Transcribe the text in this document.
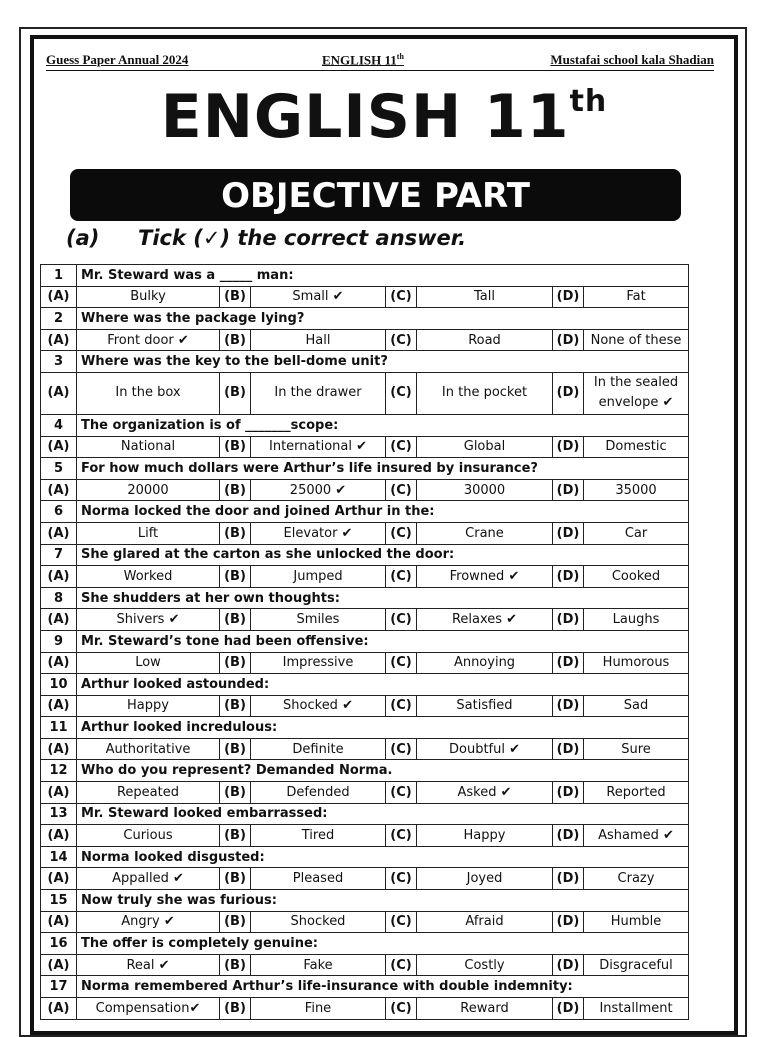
Guess Paper Annual 2024	ENGLISH 11th	Mustafai school kala Shadian
ENGLISH 11th
OBJECTIVE PART
(a) Tick (✓) the correct answer.
1	Mr. Steward was a _____ man:						
(A)	Bulky	(B)	Small ✔	(C)	Tall	(D)	Fat
2	Where was the package lying?						
(A)	Front door ✔	(B)	Hall	(C)	Road	(D)	None of these
3	Where was the key to the bell-dome unit?						
(A)	In the box	(B)	In the drawer	(C)	In the pocket	(D)	In the sealed envelope ✔
4	The organization is of _______scope:						
(A)	National	(B)	International ✔	(C)	Global	(D)	Domestic
5	For how much dollars were Arthur’s life insured by insurance?						
(A)	20000	(B)	25000 ✔	(C)	30000	(D)	35000
6	Norma locked the door and joined Arthur in the:						
(A)	Lift	(B)	Elevator ✔	(C)	Crane	(D)	Car
7	She glared at the carton as she unlocked the door:						
(A)	Worked	(B)	Jumped	(C)	Frowned ✔	(D)	Cooked
8	She shudders at her own thoughts:						
(A)	Shivers ✔	(B)	Smiles	(C)	Relaxes ✔	(D)	Laughs
9	Mr. Steward’s tone had been offensive:						
(A)	Low	(B)	Impressive	(C)	Annoying	(D)	Humorous
10	Arthur looked astounded:						
(A)	Happy	(B)	Shocked ✔	(C)	Satisfied	(D)	Sad
11	Arthur looked incredulous:						
(A)	Authoritative	(B)	Definite	(C)	Doubtful ✔	(D)	Sure
12	Who do you represent? Demanded Norma.						
(A)	Repeated	(B)	Defended	(C)	Asked ✔	(D)	Reported
13	Mr. Steward looked embarrassed:						
(A)	Curious	(B)	Tired	(C)	Happy	(D)	Ashamed ✔
14	Norma looked disgusted:						
(A)	Appalled ✔	(B)	Pleased	(C)	Joyed	(D)	Crazy
15	Now truly she was furious:						
(A)	Angry ✔	(B)	Shocked	(C)	Afraid	(D)	Humble
16	The offer is completely genuine:						
(A)	Real ✔	(B)	Fake	(C)	Costly	(D)	Disgraceful
17	Norma remembered Arthur’s life-insurance with double indemnity:						
(A)	Compensation✔	(B)	Fine	(C)	Reward	(D)	Installment
